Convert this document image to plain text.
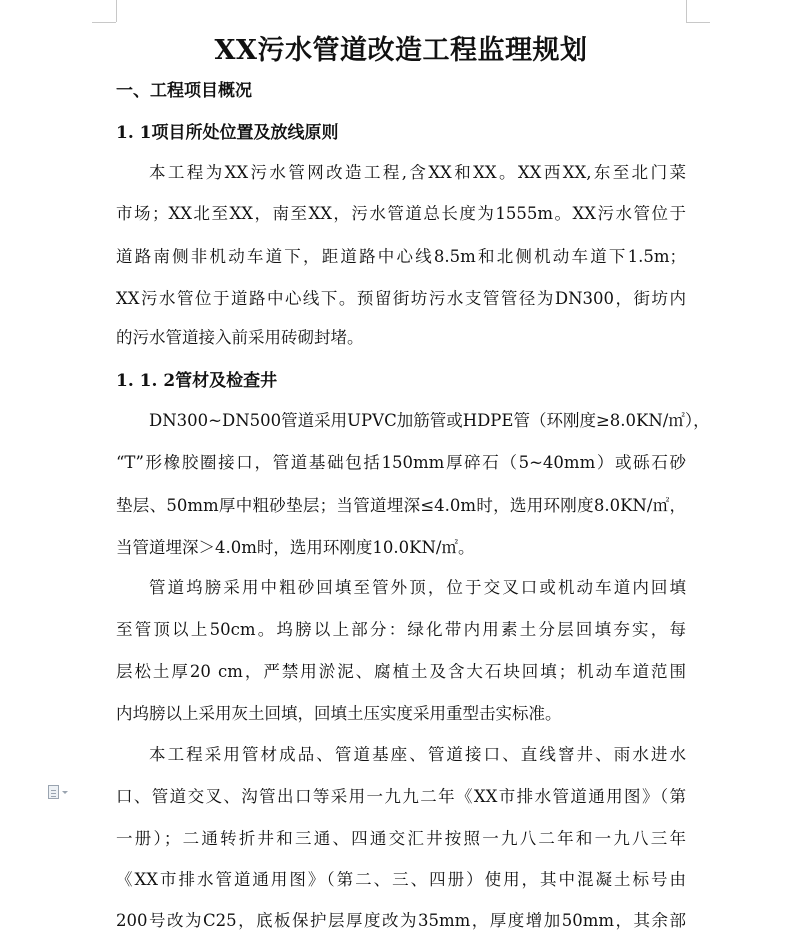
XX污水管道改造工程监理规划
一、工程项目概况
1. 1项目所处位置及放线原则
本工程为XX污水管网改造工程,含XX和XX。XX西XX,东至北门菜
市场；XX北至XX，南至XX，污水管道总长度为1555m。XX污水管位于
道路南侧非机动车道下，距道路中心线8.5m和北侧机动车道下1.5m；
XX污水管位于道路中心线下。预留街坊污水支管管径为DN300，街坊内
的污水管道接入前采用砖砌封堵。
1. 1. 2管材及检查井
DN300~DN500管道采用UPVC加筋管或HDPE管（环刚度≥8.0KN/㎡），
“T”形橡胶圈接口，管道基础包括150mm厚碎石（5~40mm）或砾石砂
垫层、50mm厚中粗砂垫层；当管道埋深≤4.0m时，选用环刚度8.0KN/㎡，
当管道埋深＞4.0m时，选用环刚度10.0KN/㎡。
管道坞膀采用中粗砂回填至管外顶，位于交叉口或机动车道内回填
至管顶以上50cm。坞膀以上部分：绿化带内用素土分层回填夯实，每
层松土厚20 cm，严禁用淤泥、腐植土及含大石块回填；机动车道范围
内坞膀以上采用灰土回填，回填土压实度采用重型击实标准。
本工程采用管材成品、管道基座、管道接口、直线窨井、雨水进水
口、管道交叉、沟管出口等采用一九九二年《XX市排水管道通用图》（第
一册）；二通转折井和三通、四通交汇井按照一九八二年和一九八三年
《XX市排水管道通用图》（第二、三、四册）使用，其中混凝土标号由
200号改为C25，底板保护层厚度改为35mm，厚度增加50mm，其余部
